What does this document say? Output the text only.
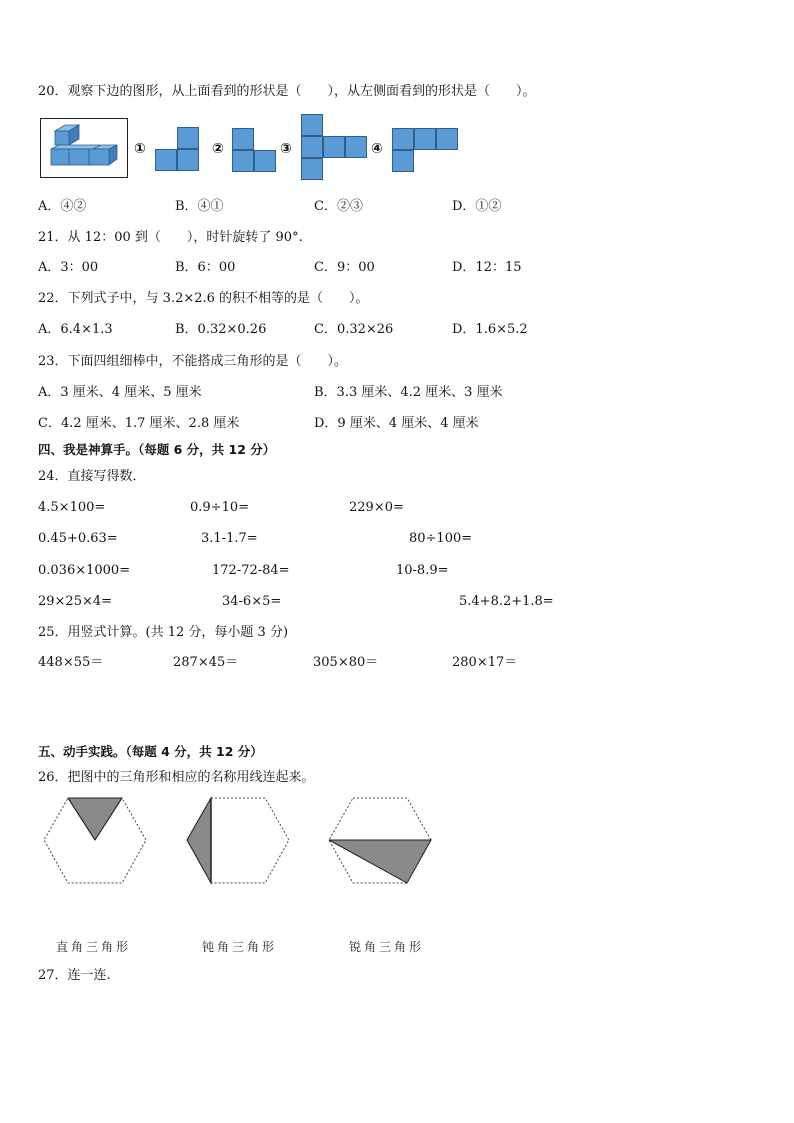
20．观察下边的图形，从上面看到的形状是（　　），从左侧面看到的形状是（　　）。
①	②	③	④
A．④②	B．④①	C．②③	D．①②
21．从 12：00 到（　　），时针旋转了 90°.
A．3：00	B．6：00	C．9：00	D．12：15
22．下列式子中，与 3.2×2.6 的积不相等的是（　　）。
A．6.4×1.3	B．0.32×0.26	C．0.32×26	D．1.6×5.2
23．下面四组细棒中，不能搭成三角形的是（　　）。
A．3 厘米、4 厘米、5 厘米	B．3.3 厘米、4.2 厘米、3 厘米
C．4.2 厘米、1.7 厘米、2.8 厘米	D．9 厘米、4 厘米、4 厘米
四、我是神算手。（每题 6 分，共 12 分）
24．直接写得数．
4.5×100=	0.9÷10=	229×0=
0.45+0.63=	3.1-1.7=	80÷100=
0.036×1000=	172-72-84=	10-8.9=
29×25×4=	34-6×5=	5.4+8.2+1.8=
25．用竖式计算。(共 12 分，每小题 3 分)
448×55＝	287×45＝	305×80＝	280×17＝
五、动手实践。（每题 4 分，共 12 分）
26．把图中的三角形和相应的名称用线连起来。
直角三角形	钝角三角形	锐角三角形
27．连一连.
